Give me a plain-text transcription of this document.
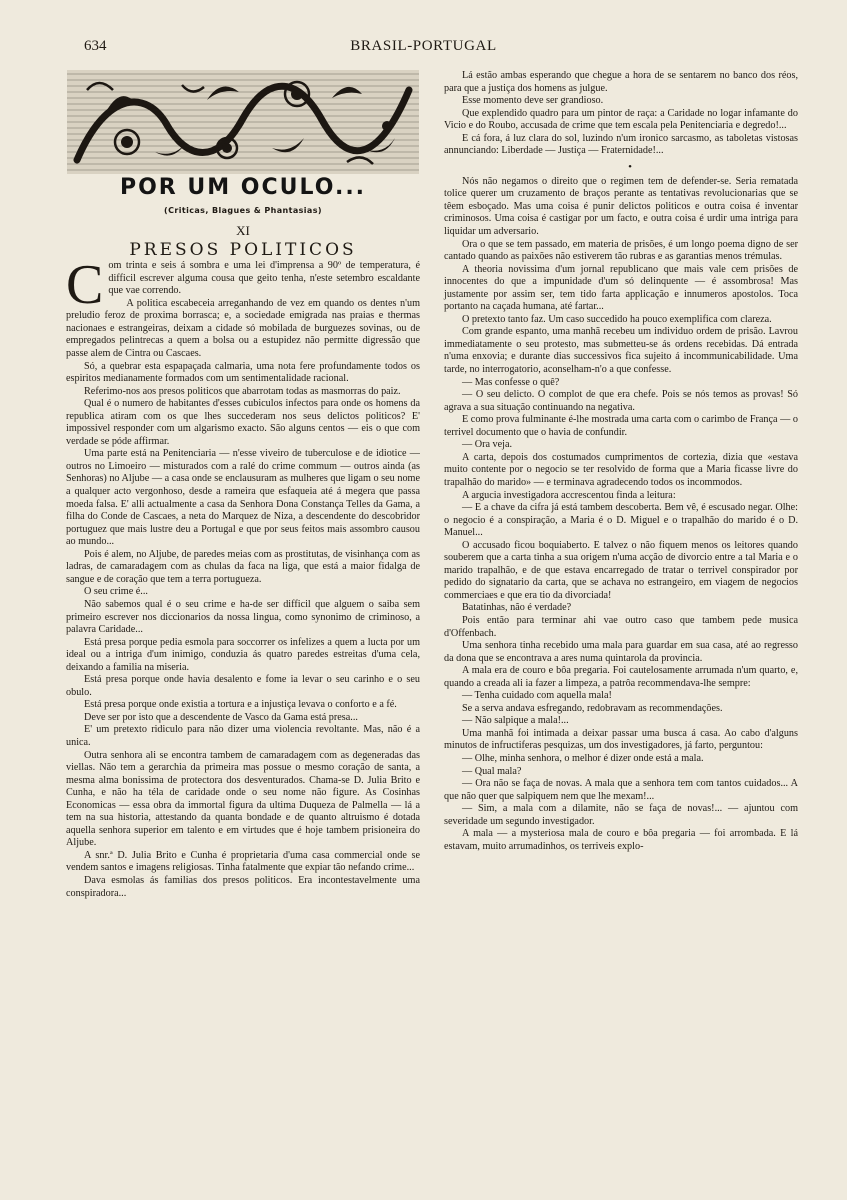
634	BRASIL-PORTUGAL
POR UM OCULO...
(Criticas, Blagues & Phantasias)
XI
PRESOS POLITICOS

Com trinta e seis á sombra e uma lei d'imprensa a 90º de temperatura, é difficil escrever alguma cousa que geito tenha, n'este setembro escaldante que vae correndo.

A politica escabeceia arreganhando de vez em quando os dentes n'um preludio feroz de proxima borrasca; e, a sociedade emigrada nas praias e thermas nacionaes e estrangeiras, deixam a cidade só mobilada de burguezes sovinas, ou de empregados pelintrecas a quem a bolsa ou a estupidez não permitte digressão que passe alem de Cintra ou Cascaes.

Só, a quebrar esta espapaçada calmaria, uma nota fere profundamente todos os espiritos medianamente formados com um sentimentalidade racional.

Referimo-nos aos presos politicos que abarrotam todas as masmorras do paiz.

Qual é o numero de habitantes d'esses cubiculos infectos para onde os homens da republica atiram com os que lhes succederam nos seus delictos politicos? E' impossivel responder com um algarismo exacto. São alguns centos — eis o que com verdade se póde affirmar.

Uma parte está na Penitenciaria — n'esse viveiro de tuberculose e de idiotice — outros no Limoeiro — misturados com a ralé do crime commum — outros ainda (as Senhoras) no Aljube — a casa onde se enclausuram as mulheres que ligam o seu nome a qualquer acto vergonhoso, desde a rameira que esfaqueia até á megera que passa moeda falsa. E' alli actualmente a casa da Senhora Dona Constança Telles da Gama, a filha do Conde de Cascaes, a neta do Marquez de Niza, a descendente do descobridor portuguez que mais lustre deu a Portugal e que por seus feitos mais assombro causou ao mundo...

Pois é alem, no Aljube, de paredes meias com as prostitutas, de visinhança com as ladras, de camaradagem com as chulas da faca na liga, que está a maior fidalga de sangue e de coração que tem a terra portugueza.

O seu crime é...

Não sabemos qual é o seu crime e ha-de ser difficil que alguem o saiba sem primeiro escrever nos diccionarios da nossa lingua, como synonimo de criminoso, a palavra Caridade...

Está presa porque pedia esmola para soccorrer os infelizes a quem a lucta por um ideal ou a intriga d'um inimigo, conduzia ás quatro paredes estreitas d'uma cela, deixando a familia na miseria.

Está presa porque onde havia desalento e fome ia levar o seu carinho e o seu obulo.

Está presa porque onde existia a tortura e a injustiça levava o conforto e a fé.

Deve ser por isto que a descendente de Vasco da Gama está presa...

E' um pretexto ridiculo para não dizer uma violencia revoltante. Mas, não é a unica.

Outra senhora ali se encontra tambem de camaradagem com as degeneradas das viellas. Não tem a gerarchia da primeira mas possue o mesmo coração de santa, a mesma alma bonissima de protectora dos desventurados. Chama-se D. Julia Brito e Cunha, e não ha téla de caridade onde o seu nome não figure. As Cosinhas Economicas — essa obra da immortal figura da ultima Duqueza de Palmella — lá a tem na sua historia, attestando da quanta bondade e de quanto altruismo é dotada aquella senhora superior em talento e em virtudes que é hoje tambem prisioneira do Aljube.

A snr.ª D. Julia Brito e Cunha é proprietaria d'uma casa commercial onde se vendem santos e imagens religiosas. Tinha fatalmente que expiar tão nefando crime...

Dava esmolas ás familias dos presos politicos. Era incontestavelmente uma conspiradora...

Lá estão ambas esperando que chegue a hora de se sentarem no banco dos réos, para que a justiça dos homens as julgue.

Esse momento deve ser grandioso.

Que explendido quadro para um pintor de raça: a Caridade no logar infamante do Vicio e do Roubo, accusada de crime que tem escala pela Penitenciaria e degredo!...

E cá fora, á luz clara do sol, luzindo n'um ironico sarcasmo, as taboletas vistosas annunciando: Liberdade — Justiça — Fraternidade!...

•

Nós não negamos o direito que o regimen tem de defender-se. Seria rematada tolice querer um cruzamento de braços perante as tentativas revolucionarias que se têem esboçado. Mas uma coisa é punir delictos politicos e outra coisa é inventar criminosos. Uma coisa é castigar por um facto, e outra coisa é urdir uma intriga para liquidar um adversario.

Ora o que se tem passado, em materia de prisões, é um longo poema digno de ser cantado quando as paixões não estiverem tão rubras e as garantias menos trémulas.

A theoria novissima d'um jornal republicano que mais vale cem prisões de innocentes do que a impunidade d'um só delinquente — é assombrosa! Mas justamente por assim ser, tem tido farta applicação e innumeros apostolos. Toca portanto na caçada humana, até fartar...

O pretexto tanto faz. Um caso succedido ha pouco exemplifica com clareza.

Com grande espanto, uma manhã recebeu um individuo ordem de prisão. Lavrou immediatamente o seu protesto, mas submetteu-se ás ordens recebidas. Dá entrada n'uma enxovia; e durante dias successivos fica sujeito á incommunicabilidade. Uma tarde, no interrogatorio, aconselham-n'o a que confesse.

— Mas confesse o quê?

— O seu delicto. O complot de que era chefe. Pois se nós temos as provas! Só agrava a sua situação continuando na negativa.

E como prova fulminante é-lhe mostrada uma carta com o carimbo de França — o terrivel documento que o havia de confundir.

— Ora veja.

A carta, depois dos costumados cumprimentos de cortezia, dizia que «estava muito contente por o negocio se ter resolvido de forma que a Maria ficasse livre do trapalhão do marido» — e terminava agradecendo todos os incommodos.

A argucia investigadora accrescentou finda a leitura:

— E a chave da cifra já está tambem descoberta. Bem vê, é escusado negar. Olhe: o negocio é a conspiração, a Maria é o D. Miguel e o trapalhão do marido é o D. Manuel...

O accusado ficou boquiaberto. E talvez o não fiquem menos os leitores quando souberem que a carta tinha a sua origem n'uma acção de divorcio entre a tal Maria e o marido trapalhão, e de que estava encarregado de tratar o terrivel conspirador por pedido do signatario da carta, que se achava no estrangeiro, em viagem de negocios commerciaes e que era tio da divorciada!

Batatinhas, não é verdade?

Pois então para terminar ahi vae outro caso que tambem pede musica d'Offenbach.

Uma senhora tinha recebido uma mala para guardar em sua casa, até ao regresso da dona que se encontrava a ares numa quintarola da provincia.

A mala era de couro e bôa pregaria. Foi cautelosamente arrumada n'um quarto, e, quando a creada ali ia fazer a limpeza, a patrôa recommendava-lhe sempre:

— Tenha cuidado com aquella mala!

Se a serva andava esfregando, redobravam as recommendações.

— Não salpique a mala!...

Uma manhã foi intimada a deixar passar uma busca á casa. Ao cabo d'alguns minutos de infructiferas pesquizas, um dos investigadores, já farto, perguntou:

— Olhe, minha senhora, o melhor é dizer onde está a mala.

— Qual mala?

— Ora não se faça de novas. A mala que a senhora tem com tantos cuidados... A que não quer que salpiquem nem que lhe mexam!...

— Sim, a mala com a dilamite, não se faça de novas!... — ajuntou com severidade um segundo investigador.

A mala — a mysteriosa mala de couro e bôa pregaria — foi arrombada. E lá estavam, muito arrumadinhos, os terriveis explo-
